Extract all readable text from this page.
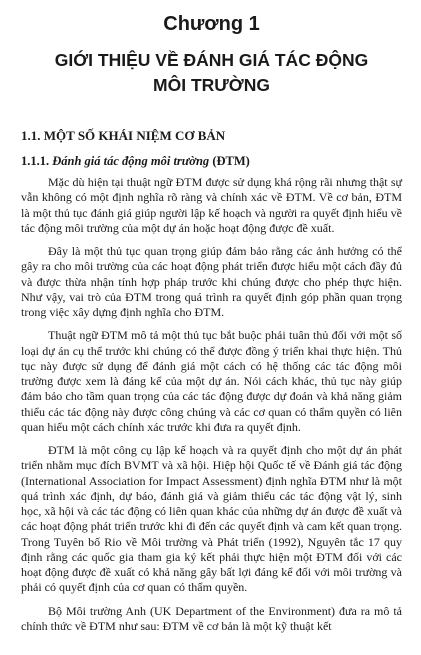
Chương 1
GIỚI THIỆU VỀ ĐÁNH GIÁ TÁC ĐỘNG
MÔI TRƯỜNG
1.1. MỘT SỐ KHÁI NIỆM CƠ BẢN
1.1.1. Đánh giá tác động môi trường (ĐTM)

Mặc dù hiện tại thuật ngữ ĐTM được sử dụng khá rộng rãi nhưng thật sự vẫn không có một định nghĩa rõ ràng và chính xác về ĐTM. Về cơ bản, ĐTM là một thủ tục đánh giá giúp người lập kế hoạch và người ra quyết định hiểu về tác động môi trường của một dự án hoặc hoạt động được đề xuất.

Đây là một thủ tục quan trọng giúp đảm bảo rằng các ảnh hưởng có thể gây ra cho môi trường của các hoạt động phát triển được hiểu một cách đầy đủ và được thừa nhận tính hợp pháp trước khi chúng được cho phép thực hiện. Như vậy, vai trò của ĐTM trong quá trình ra quyết định góp phần quan trọng trong việc xây dựng định nghĩa cho ĐTM.

Thuật ngữ ĐTM mô tả một thủ tục bắt buộc phải tuân thủ đối với một số loại dự án cụ thể trước khi chúng có thể được đồng ý triển khai thực hiện. Thủ tục này được sử dụng để đánh giá một cách có hệ thống các tác động môi trường được xem là đáng kể của một dự án. Nói cách khác, thủ tục này giúp đảm bảo cho tầm quan trọng của các tác động được dự đoán và khả năng giảm thiểu các tác động này được công chúng và các cơ quan có thẩm quyền có liên quan hiểu một cách chính xác trước khi đưa ra quyết định.

ĐTM là một công cụ lập kế hoạch và ra quyết định cho một dự án phát triển nhằm mục đích BVMT và xã hội. Hiệp hội Quốc tế về Đánh giá tác động (International Association for Impact Assessment) định nghĩa ĐTM như là một quá trình xác định, dự báo, đánh giá và giảm thiểu các tác động vật lý, sinh học, xã hội và các tác động có liên quan khác của những dự án được đề xuất và các hoạt động phát triển trước khi đi đến các quyết định và cam kết quan trọng. Trong Tuyên bố Rio về Môi trường và Phát triển (1992), Nguyên tắc 17 quy định rằng các quốc gia tham gia ký kết phải thực hiện một ĐTM đối với các hoạt động được đề xuất có khả năng gây bất lợi đáng kể đối với môi trường và phải có quyết định của cơ quan có thẩm quyền.

Bộ Môi trường Anh (UK Department of the Environment) đưa ra mô tả chính thức về ĐTM như sau: ĐTM về cơ bản là một kỹ thuật kết
